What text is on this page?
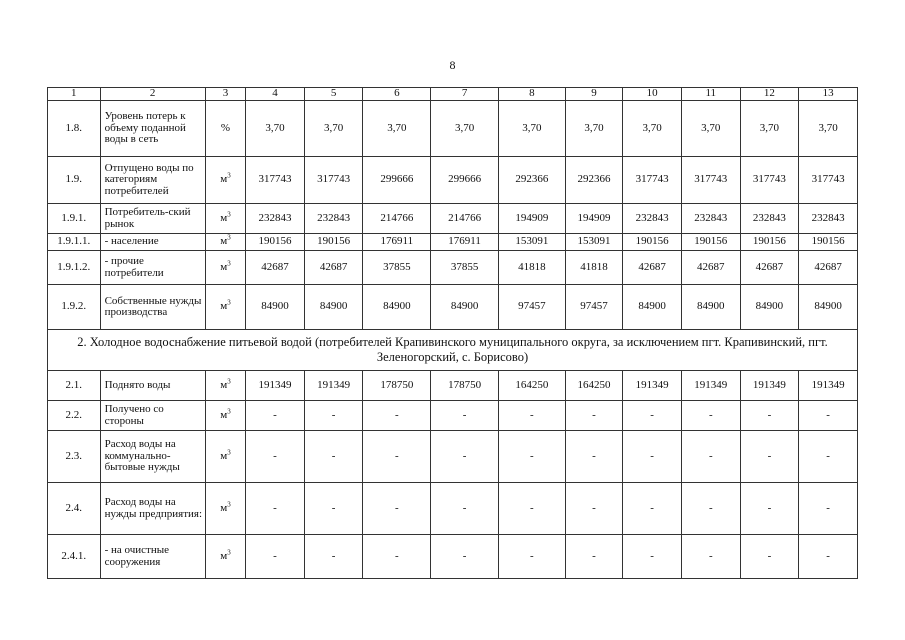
8
1	2	3	4	5	6	7	8	9	10	11	12	13
1.8.	Уровень потерь к объему поданной воды в сеть	%	3,70	3,70	3,70	3,70	3,70	3,70	3,70	3,70	3,70	3,70
1.9.	Отпущено воды по категориям потребителей	$м^3$	317743	317743	299666	299666	292366	292366	317743	317743	317743	317743
1.9.1.	Потребитель-ский рынок	$м^3$	232843	232843	214766	214766	194909	194909	232843	232843	232843	232843
1.9.1.1.	- население	$м^3$	190156	190156	176911	176911	153091	153091	190156	190156	190156	190156
1.9.1.2.	- прочие потребители	$м^3$	42687	42687	37855	37855	41818	41818	42687	42687	42687	42687
1.9.2.	Собственные нужды производства	$м^3$	84900	84900	84900	84900	97457	97457	84900	84900	84900	84900
2. Холодное водоснабжение питьевой водой (потребителей Крапивинского муниципального округа, за исключением пгт. Крапивинский, пгт. Зеленогорский, с. Борисово)												
2.1.	Поднято воды	$м^3$	191349	191349	178750	178750	164250	164250	191349	191349	191349	191349
2.2.	Получено со стороны	$м^3$	-	-	-	-	-	-	-	-	-	-
2.3.	Расход воды на коммунально-бытовые нужды	$м^3$	-	-	-	-	-	-	-	-	-	-
2.4.	Расход воды на нужды предприятия:	$м^3$	-	-	-	-	-	-	-	-	-	-
2.4.1.	- на очистные сооружения	$м^3$	-	-	-	-	-	-	-	-	-	-
